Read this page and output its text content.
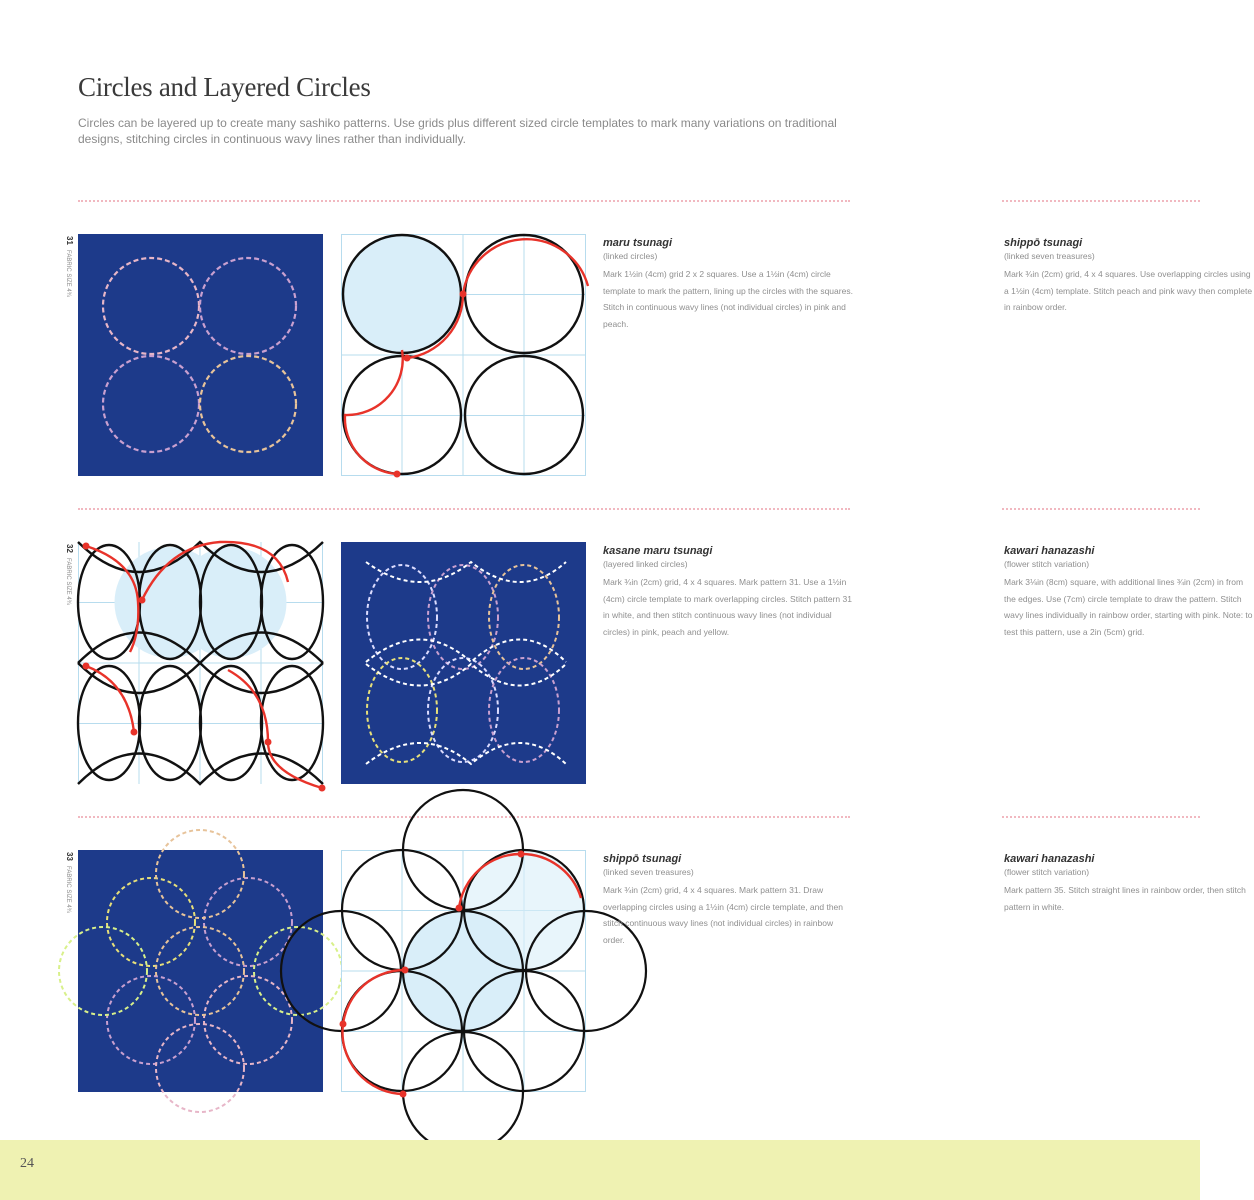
Circles and Layered Circles
Circles can be layered up to create many sashiko patterns. Use grids plus different sized circle templates to mark many variations on traditional designs, stitching circles in continuous wavy lines rather than individually.
31
FABRIC SIZE 4¾
32
FABRIC SIZE 4¾
33
FABRIC SIZE 4¾
maru tsunagi
(linked circles)
Mark 1½in (4cm) grid 2 x 2 squares. Use a 1½in (4cm) circle template to mark the pattern, lining up the circles with the squares. Stitch in continuous wavy lines (not individual circles) in pink and peach.
kasane maru tsunagi
(layered linked circles)
Mark ¾in (2cm) grid, 4 x 4 squares. Mark pattern 31. Use a 1½in (4cm) circle template to mark overlapping circles. Stitch pattern 31 in white, and then stitch continuous wavy lines (not individual circles) in pink, peach and yellow.
shippō tsunagi
(linked seven treasures)
Mark ¾in (2cm) grid, 4 x 4 squares. Mark pattern 31. Draw overlapping circles using a 1½in (4cm) circle template, and then stitch continuous wavy lines (not individual circles) in rainbow order.
shippō tsunagi
(linked seven treasures)
Mark ¾in (2cm) grid, 4 x 4 squares. Use overlapping circles using a 1½in (4cm) template. Stitch peach and pink wavy then complete in rainbow order.
kawari hanazashi
(flower stitch variation)
Mark 3⅛in (8cm) square, with additional lines ¾in (2cm) in from the edges. Use (7cm) circle template to draw the pattern. Stitch wavy lines individually in rainbow order, starting with pink. Note: to test this pattern, use a 2in (5cm) grid.
kawari hanazashi
(flower stitch variation)
Mark pattern 35. Stitch straight lines in rainbow order, then stitch pattern in white.
24
